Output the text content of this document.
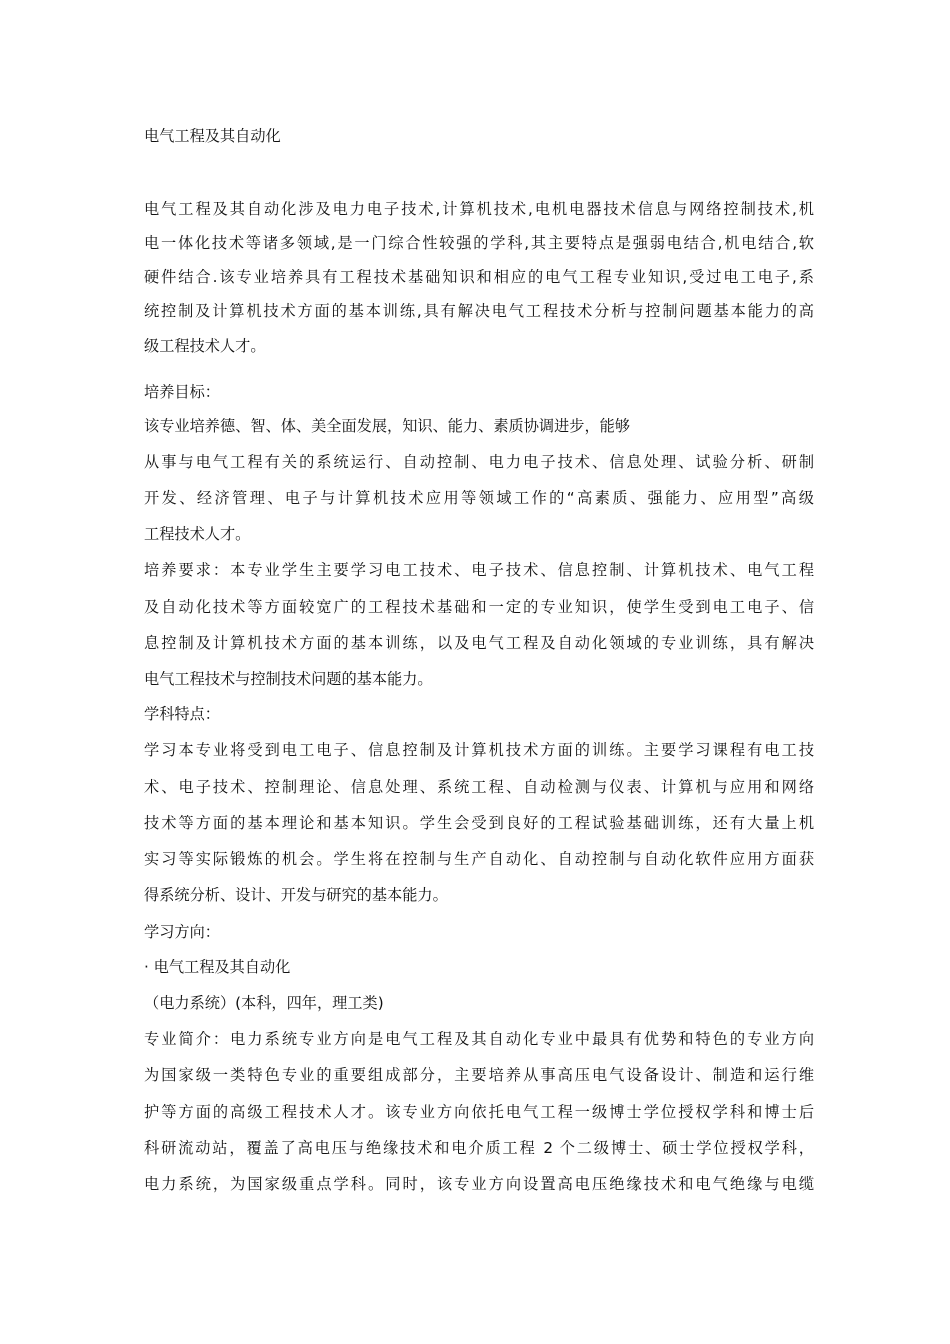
电气工程及其自动化
电气工程及其自动化涉及电力电子技术,计算机技术,电机电器技术信息与网络控制技术,机
电一体化技术等诸多领域,是一门综合性较强的学科,其主要特点是强弱电结合,机电结合,软
硬件结合.该专业培养具有工程技术基础知识和相应的电气工程专业知识,受过电工电子,系
统控制及计算机技术方面的基本训练,具有解决电气工程技术分析与控制问题基本能力的高
级工程技术人才。
培养目标：
该专业培养德、智、体、美全面发展，知识、能力、素质协调进步，能够
从事与电气工程有关的系统运行、自动控制、电力电子技术、信息处理、试验分析、研制
开发、经济管理、电子与计算机技术应用等领域工作的“高素质、强能力、应用型”高级
工程技术人才。
培养要求：本专业学生主要学习电工技术、电子技术、信息控制、计算机技术、电气工程
及自动化技术等方面较宽广的工程技术基础和一定的专业知识，使学生受到电工电子、信
息控制及计算机技术方面的基本训练，以及电气工程及自动化领域的专业训练，具有解决
电气工程技术与控制技术问题的基本能力。
学科特点：
学习本专业将受到电工电子、信息控制及计算机技术方面的训练。主要学习课程有电工技
术、电子技术、控制理论、信息处理、系统工程、自动检测与仪表、计算机与应用和网络
技术等方面的基本理论和基本知识。学生会受到良好的工程试验基础训练，还有大量上机
实习等实际锻炼的机会。学生将在控制与生产自动化、自动控制与自动化软件应用方面获
得系统分析、设计、开发与研究的基本能力。
学习方向：
· 电气工程及其自动化
（电力系统）(本科，四年，理工类)
专业简介：电力系统专业方向是电气工程及其自动化专业中最具有优势和特色的专业方向
为国家级一类特色专业的重要组成部分，主要培养从事高压电气设备设计、制造和运行维
护等方面的高级工程技术人才。该专业方向依托电气工程一级博士学位授权学科和博士后
科研流动站，覆盖了高电压与绝缘技术和电介质工程 2 个二级博士、硕士学位授权学科，
电力系统，为国家级重点学科。同时，该专业方向设置高电压绝缘技术和电气绝缘与电缆
